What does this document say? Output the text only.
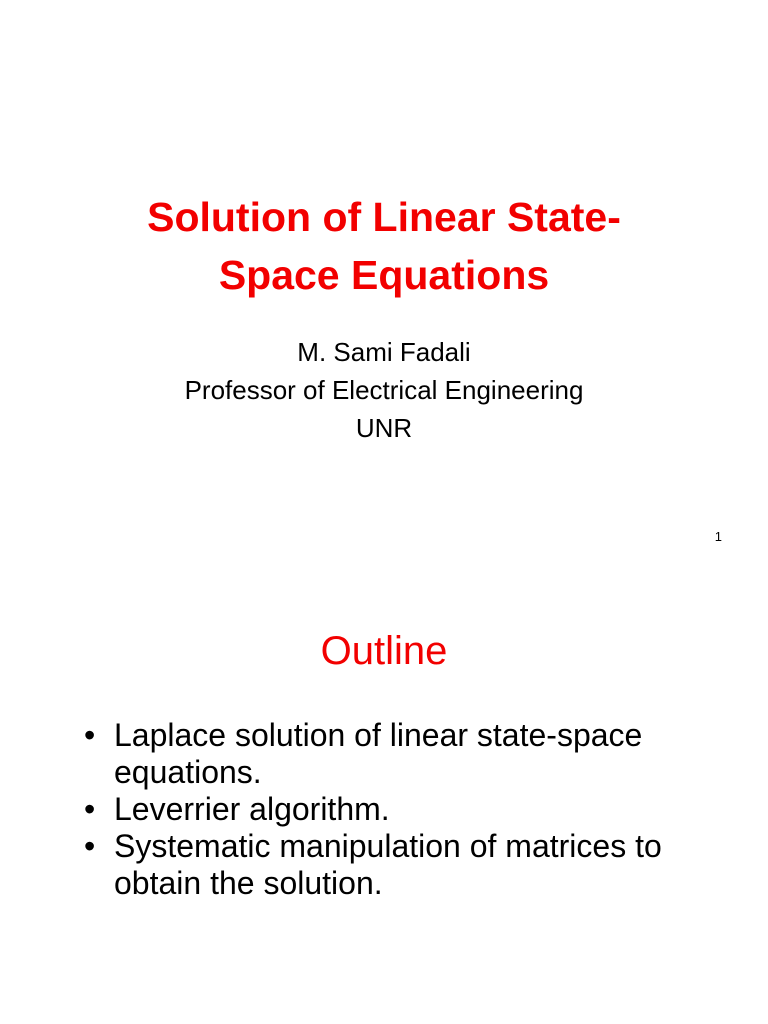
Solution of Linear State-
Space Equations
M. Sami Fadali
Professor of Electrical Engineering
UNR
1
Outline
• Laplace solution of linear state-space
equations.
• Leverrier algorithm.
• Systematic manipulation of matrices to
obtain the solution.
